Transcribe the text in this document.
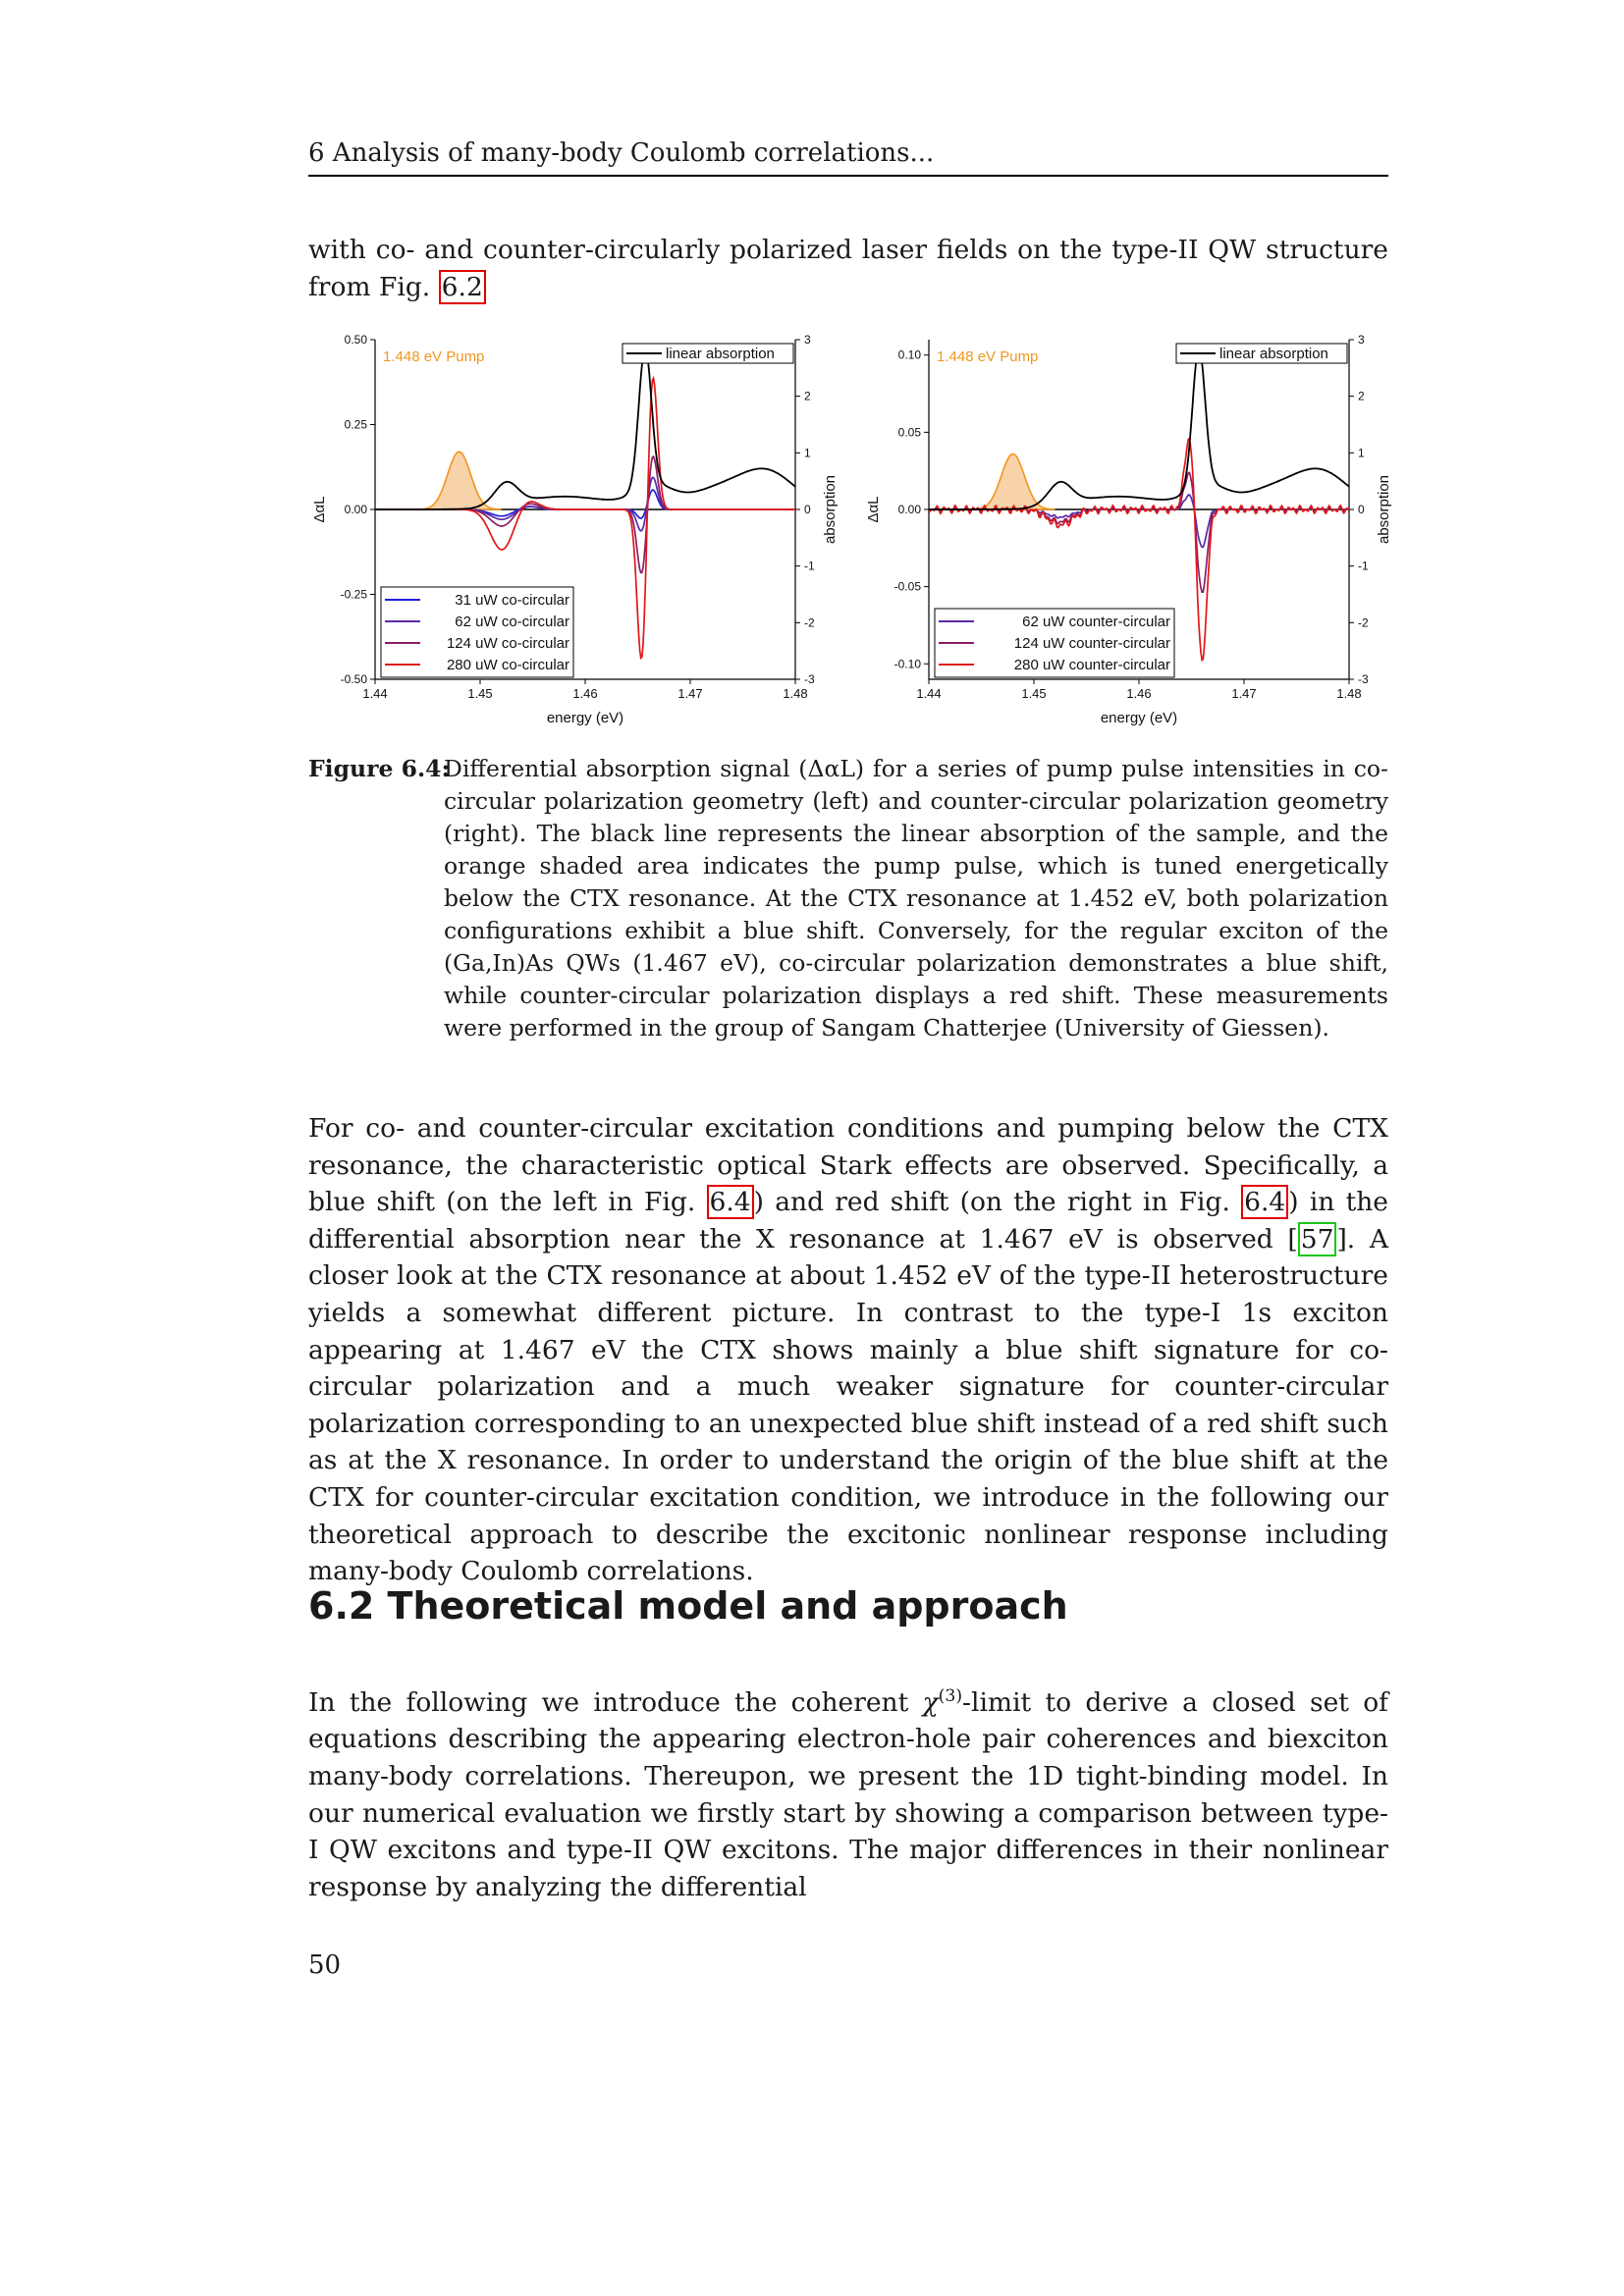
6 Analysis of many-body Coulomb correlations...

with co- and counter-circularly polarized laser fields on the type-II QW structure from Fig. 6.2

1.44	1.45	1.46	1.47	1.48
0.50
0.25
0.00
-0.25
-0.50
3
2
1
0
-1
-2
-3
energy (eV)
ΔαL	absorption
1.448 eV Pump	linear absorption
31 uW co-circular
62 uW co-circular
124 uW co-circular
280 uW co-circular
1.44	1.45	1.46	1.47	1.48
0.10
0.05
0.00
-0.05
-0.10
3
2
1
0
-1
-2
-3
energy (eV)
ΔαL	absorption
1.448 eV Pump	linear absorption
62 uW counter-circular
124 uW counter-circular
280 uW counter-circular
Figure 6.4:
Differential absorption signal (ΔαL) for a series of pump pulse intensities in co-circular polarization geometry (left) and counter-circular polarization geometry (right). The black line represents the linear absorption of the sample, and the orange shaded area indicates the pump pulse, which is tuned energetically below the CTX resonance. At the CTX resonance at 1.452 eV, both polarization configurations exhibit a blue shift. Conversely, for the regular exciton of the (Ga,In)As QWs (1.467 eV), co-circular polarization demonstrates a blue shift, while counter-circular polarization displays a red shift. These measurements were performed in the group of Sangam Chatterjee (University of Giessen).

For co- and counter-circular excitation conditions and pumping below the CTX resonance, the characteristic optical Stark effects are observed. Specifically, a blue shift (on the left in Fig. 6.4 ) and red shift (on the right in Fig. 6.4 ) in the differential absorption near the X resonance at 1.467 eV is observed [ 57 ]. A closer look at the CTX resonance at about 1.452 eV of the type-II heterostructure yields a somewhat different picture. In contrast to the type-I 1s exciton appearing at 1.467 eV the CTX shows mainly a blue shift signature for co-circular polarization and a much weaker signature for counter-circular polarization corresponding to an unexpected blue shift instead of a red shift such as at the X resonance. In order to understand the origin of the blue shift at the CTX for counter-circular excitation condition, we introduce in the following our theoretical approach to describe the excitonic nonlinear response including many-body Coulomb correlations.

6.2 Theoretical model and approach

In the following we introduce the coherent $\chi^{(3)}$-limit to derive a closed set of equations describing the appearing electron-hole pair coherences and biexciton many-body correlations. Thereupon, we present the 1D tight-binding model. In our numerical evaluation we firstly start by showing a comparison between type-I QW excitons and type-II QW excitons. The major differences in their nonlinear response by analyzing the differential

50
